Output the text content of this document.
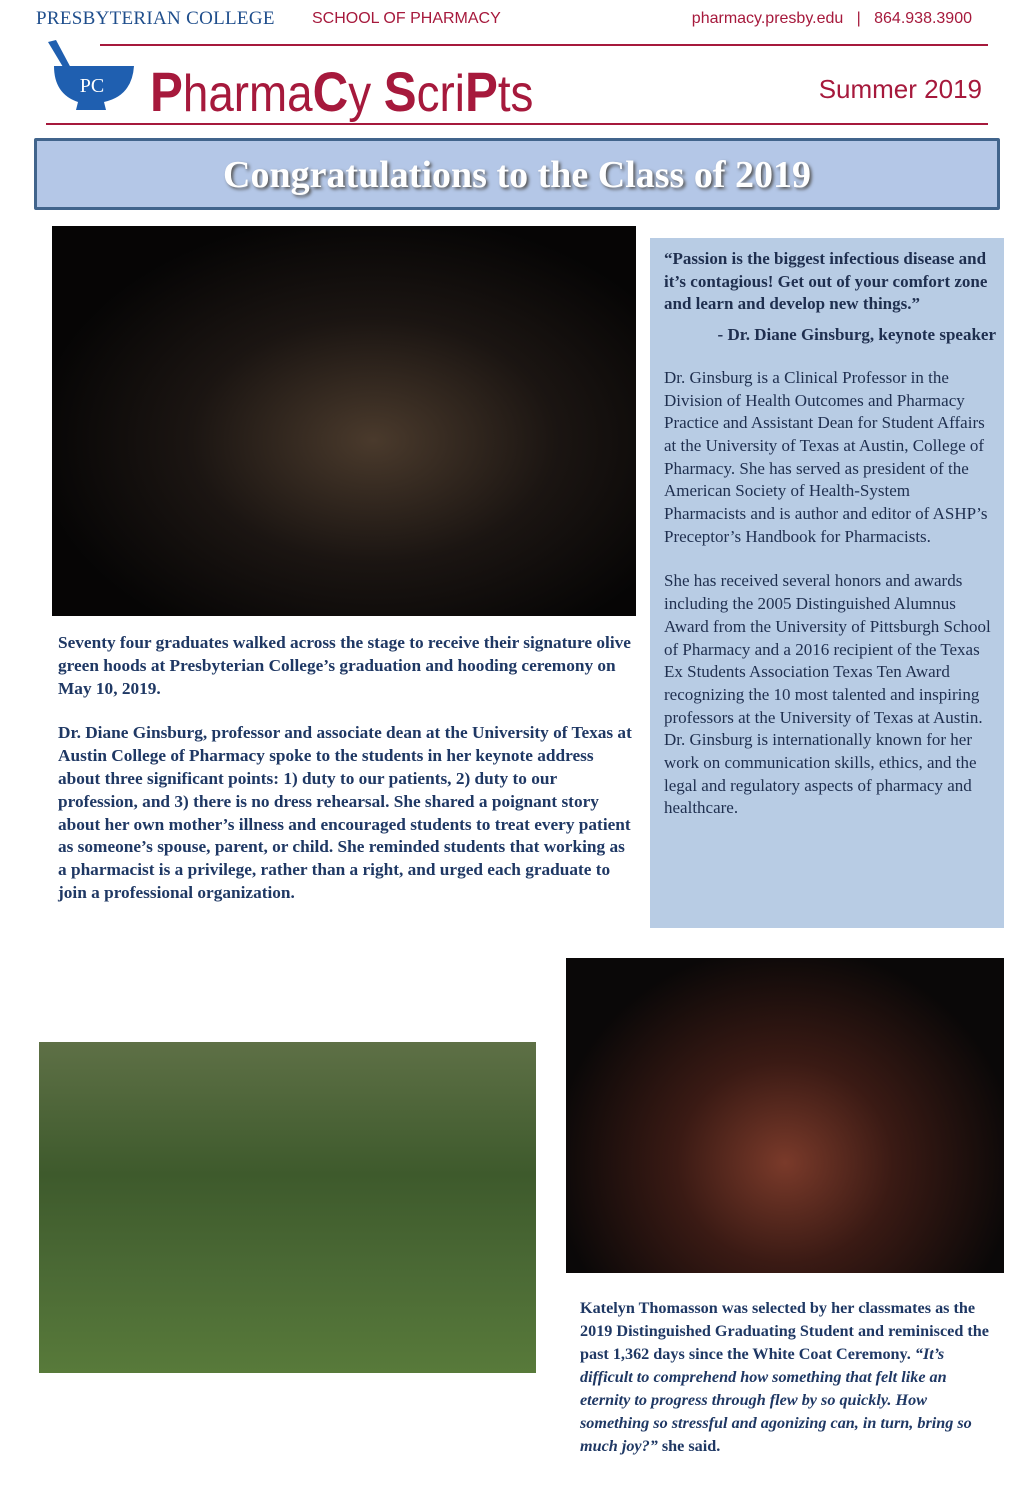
PRESBYTERIAN COLLEGE SCHOOL OF PHARMACY	pharmacy.presby.edu | 864.938.3900
PC PharmaCy ScriPts	Summer 2019
Congratulations to the Class of 2019
“Passion is the biggest infectious disease and it’s contagious! Get out of your comfort zone and learn and develop new things.”
- Dr. Diane Ginsburg, keynote speaker

Dr. Ginsburg is a Clinical Professor in the Division of Health Outcomes and Pharmacy Practice and Assistant Dean for Student Affairs at the University of Texas at Austin, College of Pharmacy. She has served as president of the American Society of Health-System Pharmacists and is author and editor of ASHP’s Preceptor’s Handbook for Pharmacists.

She has received several honors and awards including the 2005 Distinguished Alumnus Award from the University of Pittsburgh School of Pharmacy and a 2016 recipient of the Texas Ex Students Association Texas Ten Award recognizing the 10 most talented and inspiring professors at the University of Texas at Austin. Dr. Ginsburg is internationally known for her work on communication skills, ethics, and the legal and regulatory aspects of pharmacy and healthcare.

Seventy four graduates walked across the stage to receive their signature olive green hoods at Presbyterian College’s graduation and hooding ceremony on May 10, 2019.

Dr. Diane Ginsburg, professor and associate dean at the University of Texas at Austin College of Pharmacy spoke to the students in her keynote address about three significant points: 1) duty to our patients, 2) duty to our profession, and 3) there is no dress rehearsal. She shared a poignant story about her own mother’s illness and encouraged students to treat every patient as someone’s spouse, parent, or child. She reminded students that working as a pharmacist is a privilege, rather than a right, and urged each graduate to join a professional organization.

Katelyn Thomasson was selected by her classmates as the 2019 Distinguished Graduating Student and reminisced the past 1,362 days since the White Coat Ceremony. “It’s difficult to comprehend how something that felt like an eternity to progress through flew by so quickly. How something so stressful and agonizing can, in turn, bring so much joy?” she said.
